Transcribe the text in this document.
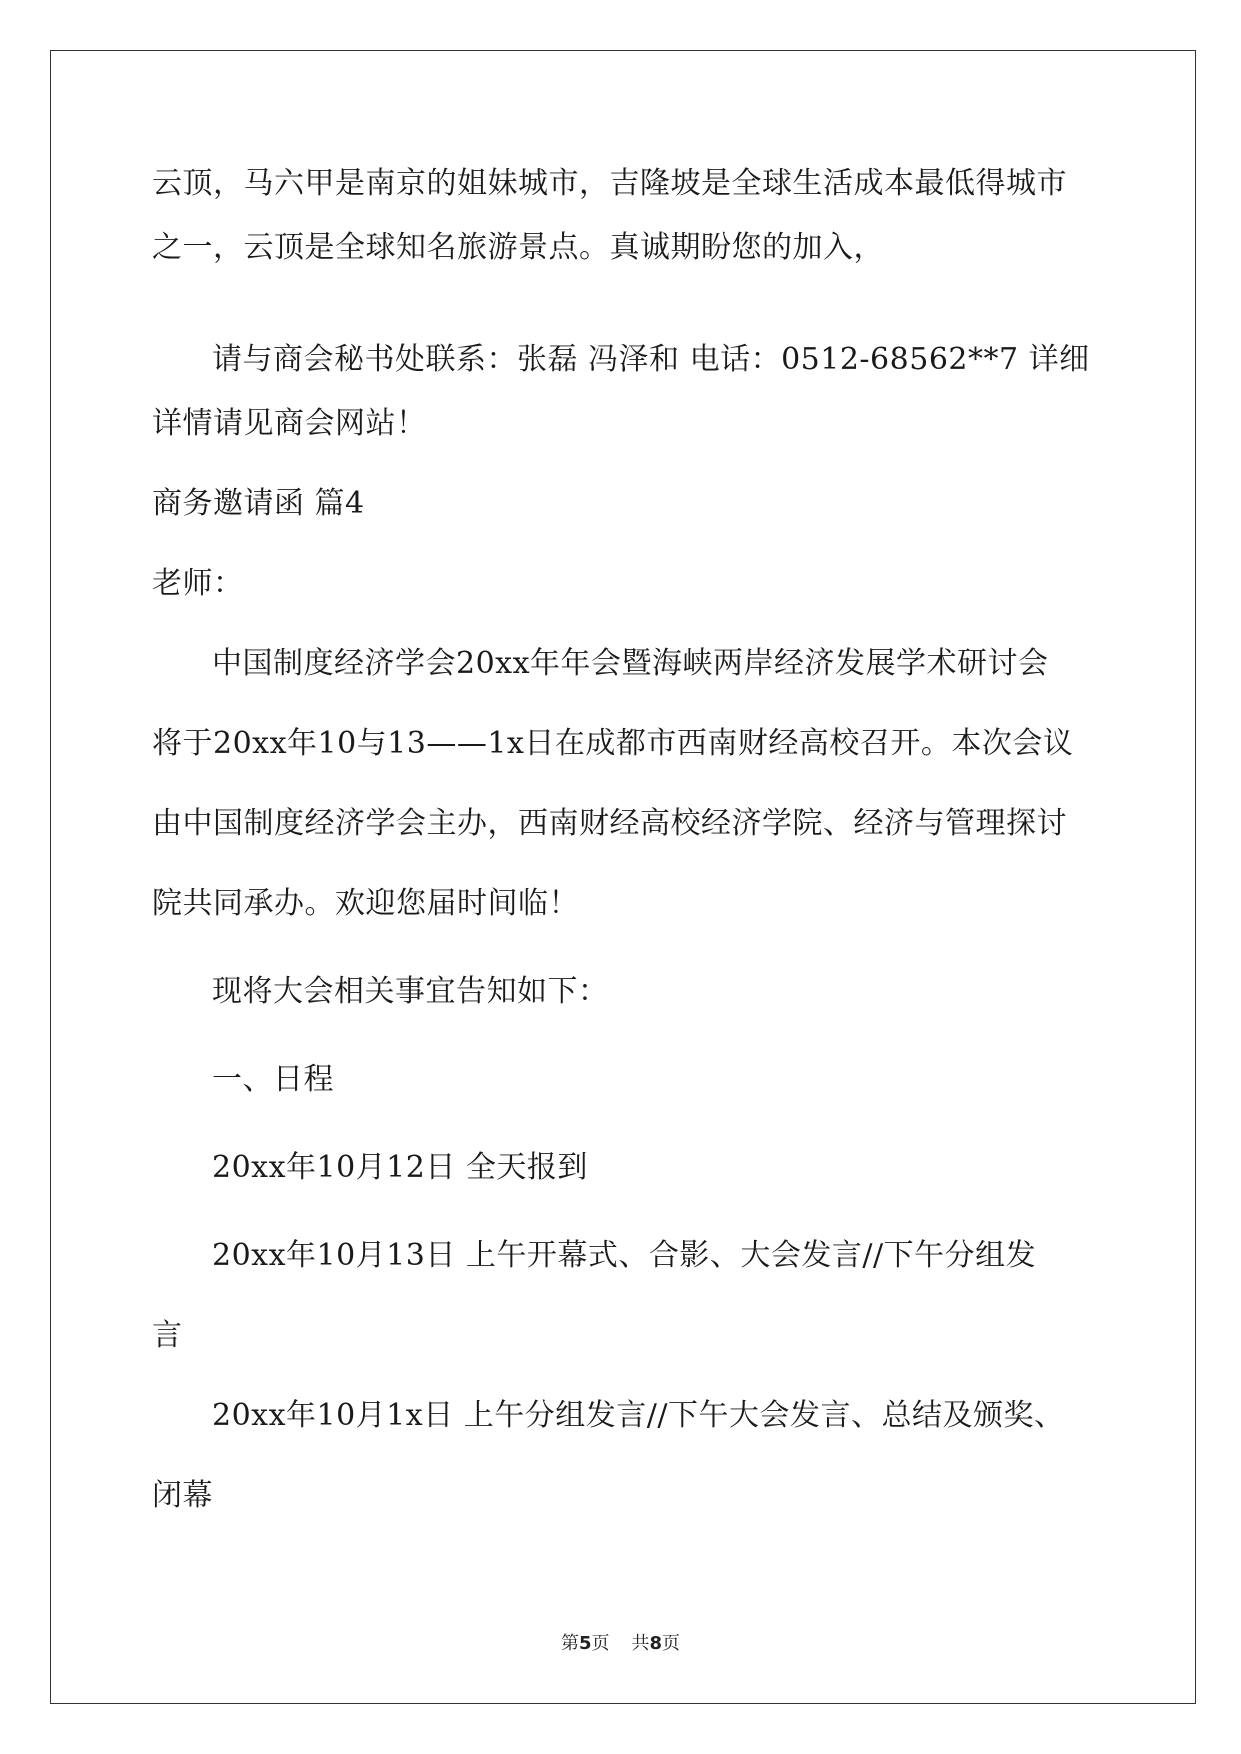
云顶，马六甲是南京的姐妹城市，吉隆坡是全球生活成本最低得城市
之一，云顶是全球知名旅游景点。真诚期盼您的加入，
请与商会秘书处联系：张磊 冯泽和 电话：0512-68562**7 详细
详情请见商会网站！
商务邀请函 篇4
老师：
中国制度经济学会20xx年年会暨海峡两岸经济发展学术研讨会
将于20xx年10与13——1x日在成都市西南财经高校召开。本次会议
由中国制度经济学会主办，西南财经高校经济学院、经济与管理探讨
院共同承办。欢迎您届时间临！
现将大会相关事宜告知如下：
一、日程
20xx年10月12日 全天报到
20xx年10月13日 上午开幕式、合影、大会发言//下午分组发
言
20xx年10月1x日 上午分组发言//下午大会发言、总结及颁奖、
闭幕
第5页 共8页
